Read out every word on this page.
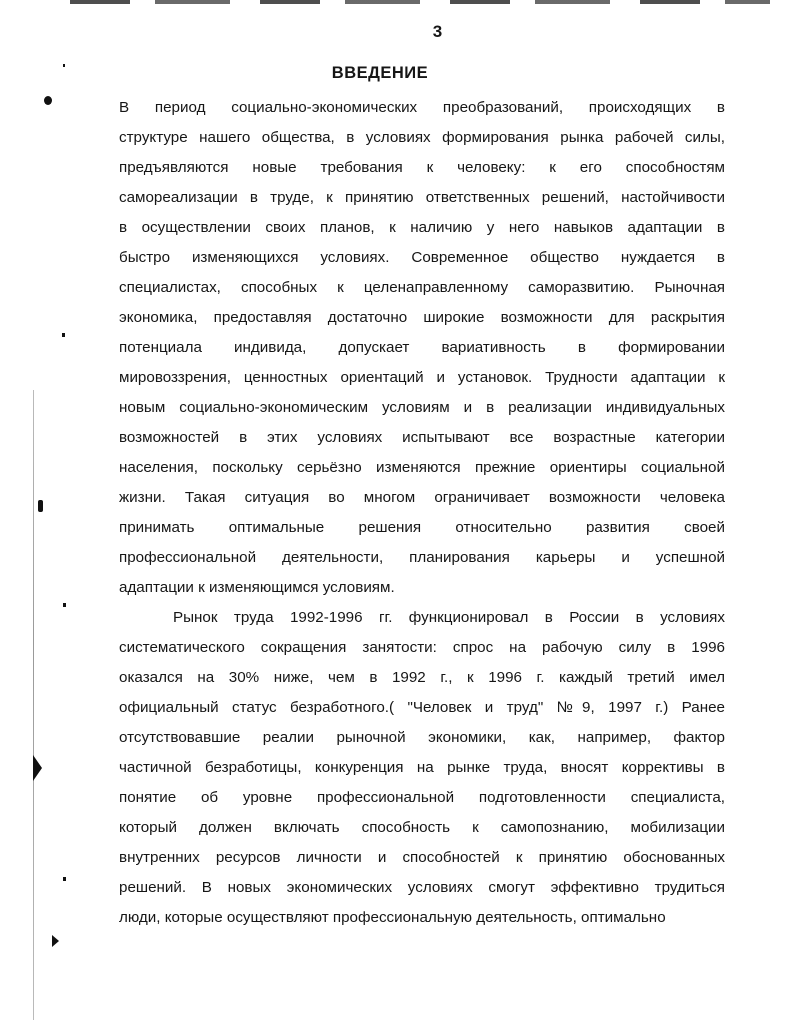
3
ВВЕДЕНИЕ
В период социально-экономических преобразований, происходящих в
структуре нашего общества, в условиях формирования рынка рабочей силы,
предъявляются новые требования к человеку: к его способностям
самореализации в труде, к принятию ответственных решений, настойчивости
в осуществлении своих планов, к наличию у него навыков адаптации в
быстро изменяющихся условиях. Современное общество нуждается в
специалистах, способных к целенаправленному саморазвитию. Рыночная
экономика, предоставляя достаточно широкие возможности для раскрытия
потенциала индивида, допускает вариативность в формировании
мировоззрения, ценностных ориентаций и установок. Трудности адаптации к
новым социально-экономическим условиям и в реализации индивидуальных
возможностей в этих условиях испытывают все возрастные категории
населения, поскольку серьёзно изменяются прежние ориентиры социальной
жизни. Такая ситуация во многом ограничивает возможности человека
принимать оптимальные решения относительно развития своей
профессиональной деятельности, планирования карьеры и успешной
адаптации к изменяющимся условиям.
Рынок труда 1992-1996 гг. функционировал в России в условиях
систематического сокращения занятости: спрос на рабочую силу в 1996
оказался на 30% ниже, чем в 1992 г., к 1996 г. каждый третий имел
официальный статус безработного.( "Человек и труд" №9, 1997 г.) Ранее
отсутствовавшие реалии рыночной экономики, как, например, фактор
частичной безработицы, конкуренция на рынке труда, вносят коррективы в
понятие об уровне профессиональной подготовленности специалиста,
который должен включать способность к самопознанию, мобилизации
внутренних ресурсов личности и способностей к принятию обоснованных
решений. В новых экономических условиях смогут эффективно трудиться
люди, которые осуществляют профессиональную деятельность, оптимально
